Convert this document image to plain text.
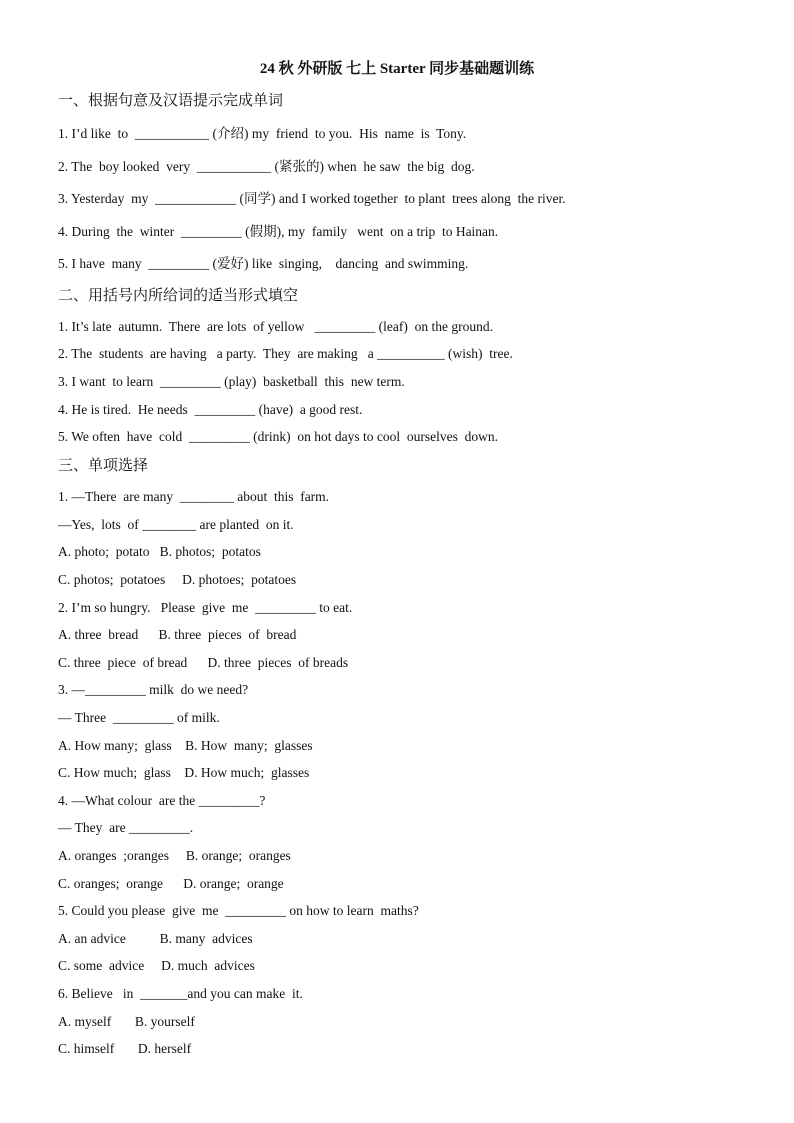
24 秋 外研版 七上 Starter 同步基础题训练
一、根据句意及汉语提示完成单词
1. I’d like  to  ___________ (介绍) my  friend  to you.  His  name  is  Tony.
2. The  boy looked  very  ___________ (紧张的) when  he saw  the big  dog.
3. Yesterday  my  ____________ (同学) and I worked together  to plant  trees along  the river.
4. During  the  winter  _________ (假期), my  family   went  on a trip  to Hainan.
5. I have  many  _________ (爱好) like  singing,    dancing  and swimming.
二、用括号内所给词的适当形式填空
1. It’s late  autumn.  There  are lots  of yellow   _________ (leaf)  on the ground.
2. The  students  are having   a party.  They  are making   a __________ (wish)  tree.
3. I want  to learn  _________ (play)  basketball  this  new term.
4. He is tired.  He needs  _________ (have)  a good rest.
5. We often  have  cold  _________ (drink)  on hot days to cool  ourselves  down.
三、单项选择
1. —There  are many  ________ about  this  farm.
—Yes,  lots  of ________ are planted  on it.
A. photo;  potato   B. photos;  potatos
C. photos;  potatoes     D. photoes;  potatoes
2. I’m so hungry.   Please  give  me  _________ to eat.
A. three  bread      B. three  pieces  of  bread
C. three  piece  of bread      D. three  pieces  of breads
3. —_________ milk  do we need?
— Three  _________ of milk.
A. How many;  glass    B. How  many;  glasses
C. How much;  glass    D. How much;  glasses
4. —What colour  are the _________?
— They  are _________.
A. oranges  ;oranges     B. orange;  oranges
C. oranges;  orange      D. orange;  orange
5. Could you please  give  me  _________ on how to learn  maths?
A. an advice          B. many  advices
C. some  advice     D. much  advices
6. Believe   in  _______and you can make  it.
A. myself       B. yourself
C. himself       D. herself
